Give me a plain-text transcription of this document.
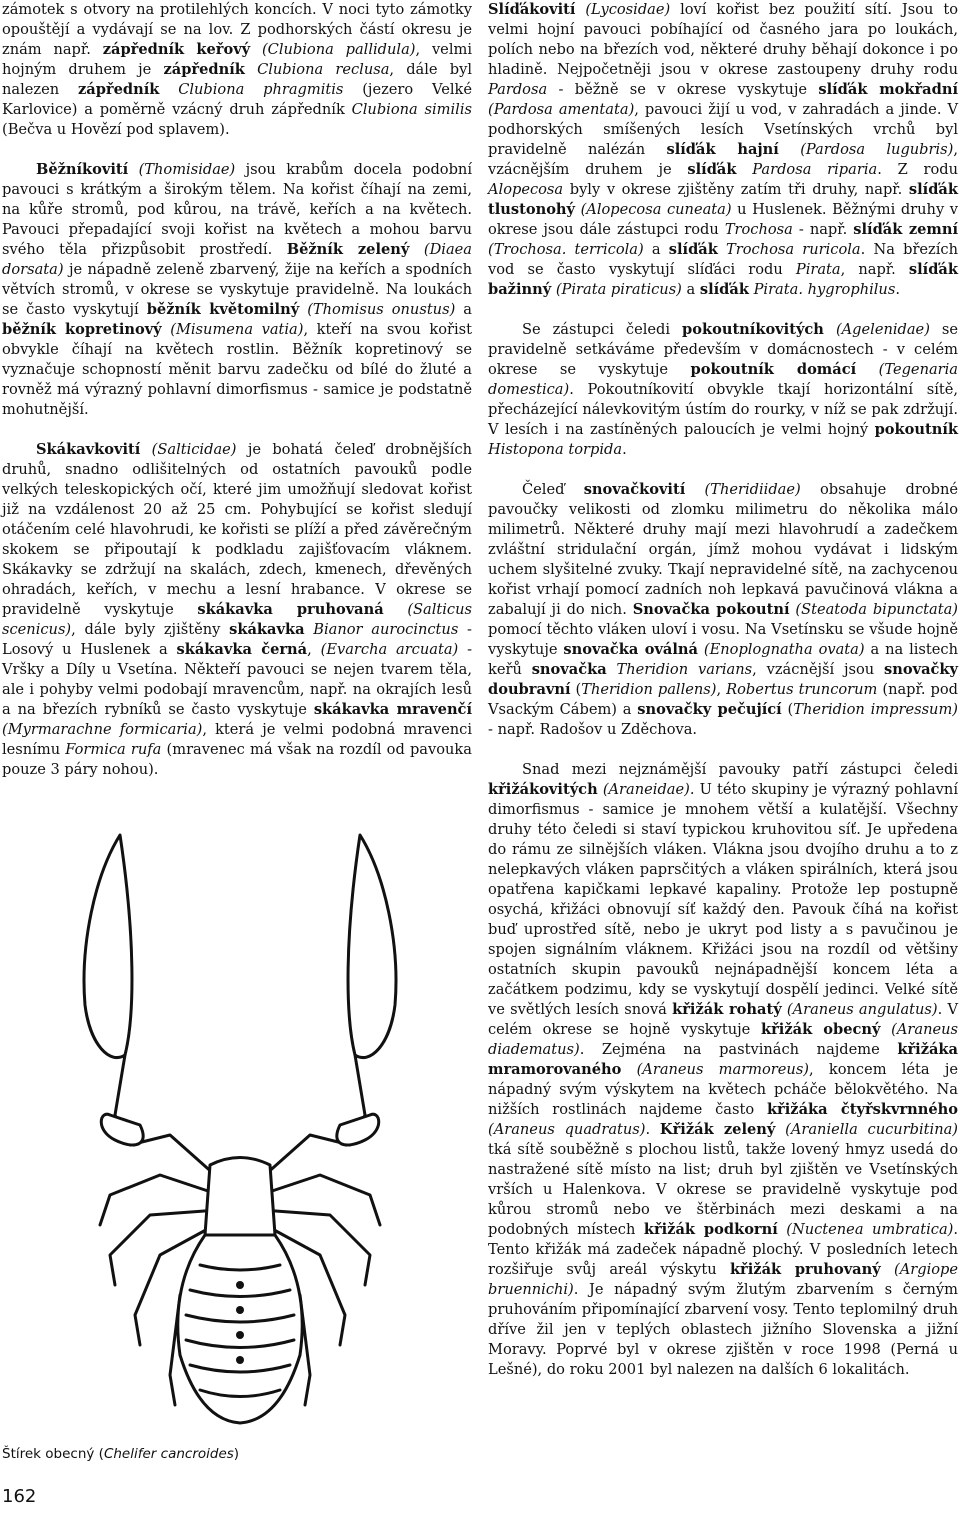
zámotek s otvory na protilehlých koncích. V noci tyto zámotky opouštějí a vydávají se na lov. Z podhorských částí okresu je znám např. zápředník keřový (Clubiona pallidula), velmi hojným druhem je zápředník Clubiona reclusa, dále byl nalezen zápředník Clubiona phragmitis (jezero Velké Karlovice) a poměrně vzácný druh zápředník Clubiona similis (Bečva u Hovězí pod splavem).

Běžníkovití (Thomisidae) jsou krabům docela podobní pavouci s krátkým a širokým tělem. Na kořist číhají na zemi, na kůře stromů, pod kůrou, na trávě, keřích a na květech. Pavouci přepadající svoji kořist na květech a mohou barvu svého těla přizpůsobit prostředí. Běžník zelený (Diaea dorsata) je nápadně zeleně zbarvený, žije na keřích a spodních větvích stromů, v okrese se vyskytuje pravidelně. Na loukách se často vyskytují běžník květomilný (Thomisus onustus) a běžník kopretinový (Misumena vatia), kteří na svou kořist obvykle číhají na květech rostlin. Běžník kopretinový se vyznačuje schopností měnit barvu zadečku od bílé do žluté a rovněž má výrazný pohlavní dimorfismus - samice je podstatně mohutnější.

Skákavkovití (Salticidae) je bohatá čeleď drobnějších druhů, snadno odlišitelných od ostatních pavouků podle velkých teleskopických očí, které jim umožňují sledovat kořist již na vzdálenost 20 až 25 cm. Pohybující se kořist sledují otáčením celé hlavohrudi, ke kořisti se plíží a před závěrečným skokem se připoutají k podkladu zajišťovacím vláknem. Skákavky se zdržují na skalách, zdech, kmenech, dřevěných ohradách, keřích, v mechu a lesní hrabance. V okrese se pravidelně vyskytuje skákavka pruhovaná (Salticus scenicus), dále byly zjištěny skákavka Bianor aurocinctus - Losový u Huslenek a skákavka černá, (Evarcha arcuata) - Vršky a Díly u Vsetína. Někteří pavouci se nejen tvarem těla, ale i pohyby velmi podobají mravencům, např. na okrajích lesů a na březích rybníků se často vyskytuje skákavka mravenčí (Myrmarachne formicaria), která je velmi podobná mravenci lesnímu Formica rufa (mravenec má však na rozdíl od pavouka pouze 3 páry nohou).

Slíďákovití (Lycosidae) loví kořist bez použití sítí. Jsou to velmi hojní pavouci pobíhající od časného jara po loukách, polích nebo na březích vod, některé druhy běhají dokonce i po hladině. Nejpočetněji jsou v okrese zastoupeny druhy rodu Pardosa - běžně se v okrese vyskytuje slíďák mokřadní (Pardosa amentata), pavouci žijí u vod, v zahradách a jinde. V podhorských smíšených lesích Vsetínských vrchů byl pravidelně nalézán slíďák hajní (Pardosa lugubris), vzácnějším druhem je slíďák Pardosa riparia. Z rodu Alopecosa byly v okrese zjištěny zatím tři druhy, např. slíďák tlustonohý (Alopecosa cuneata) u Huslenek. Běžnými druhy v okrese jsou dále zástupci rodu Trochosa - např. slíďák zemní (Trochosa. terricola) a slíďák Trochosa ruricola. Na březích vod se často vyskytují slíďáci rodu Pirata, např. slíďák bažinný (Pirata piraticus) a slíďák Pirata. hygrophilus.

Se zástupci čeledi pokoutníkovitých (Agelenidae) se pravidelně setkáváme především v domácnostech - v celém okrese se vyskytuje pokoutník domácí (Tegenaria domestica). Pokoutníkovití obvykle tkají horizontální sítě, přecházející nálevkovitým ústím do rourky, v níž se pak zdržují. V lesích i na zastíněných paloucích je velmi hojný pokoutník Histopona torpida.

Čeleď snovačkovití (Theridiidae) obsahuje drobné pavoučky velikosti od zlomku milimetru do několika málo milimetrů. Některé druhy mají mezi hlavohrudí a zadečkem zvláštní stridulační orgán, jímž mohou vydávat i lidským uchem slyšitelné zvuky. Tkají nepravidelné sítě, na zachycenou kořist vrhají pomocí zadních noh lepkavá pavučinová vlákna a zabalují ji do nich. Snovačka pokoutní (Steatoda bipunctata) pomocí těchto vláken uloví i vosu. Na Vsetínsku se všude hojně vyskytuje snovačka oválná (Enoplognatha ovata) a na listech keřů snovačka Theridion varians, vzácnější jsou snovačky doubravní (Theridion pallens), Robertus truncorum (např. pod Vsackým Cábem) a snovačky pečující (Theridion impressum) - např. Radošov u Zděchova.

Snad mezi nejznámější pavouky patří zástupci čeledi křižákovitých (Araneidae). U této skupiny je výrazný pohlavní dimorfismus - samice je mnohem větší a kulatější. Všechny druhy této čeledi si staví typickou kruhovitou síť. Je upředena do rámu ze silnějších vláken. Vlákna jsou dvojího druhu a to z nelepkavých vláken paprsčitých a vláken spirálních, která jsou opatřena kapičkami lepkavé kapaliny. Protože lep postupně osychá, křižáci obnovují síť každý den. Pavouk číhá na kořist buď uprostřed sítě, nebo je ukryt pod listy a s pavučinou je spojen signálním vláknem. Křižáci jsou na rozdíl od většiny ostatních skupin pavouků nejnápadnější koncem léta a začátkem podzimu, kdy se vyskytují dospělí jedinci. Velké sítě ve světlých lesích snová křižák rohatý (Araneus angulatus). V celém okrese se hojně vyskytuje křižák obecný (Araneus diadematus). Zejména na pastvinách najdeme křižáka mramorovaného (Araneus marmoreus), koncem léta je nápadný svým výskytem na květech pcháče bělokvětého. Na nižších rostlinách najdeme často křižáka čtyřskvrnného (Araneus quadratus). Křižák zelený (Araniella cucurbitina) tká sítě souběžně s plochou listů, takže lovený hmyz usedá do nastražené sítě místo na list; druh byl zjištěn ve Vsetínských vrších u Halenkova. V okrese se pravidelně vyskytuje pod kůrou stromů nebo ve štěrbinách mezi deskami a na podobných místech křižák podkorní (Nuctenea umbratica). Tento křižák má zadeček nápadně plochý. V posledních letech rozšiřuje svůj areál výskytu křižák pruhovaný (Argiope bruennichi). Je nápadný svým žlutým zbarvením s černým pruhováním připomínající zbarvení vosy. Tento teplomilný druh dříve žil jen v teplých oblastech jižního Slovenska a jižní Moravy. Poprvé byl v okrese zjištěn v roce 1998 (Perná u Lešné), do roku 2001 byl nalezen na dalších 6 lokalitách.

Štírek obecný (Chelifer cancroides)
162
